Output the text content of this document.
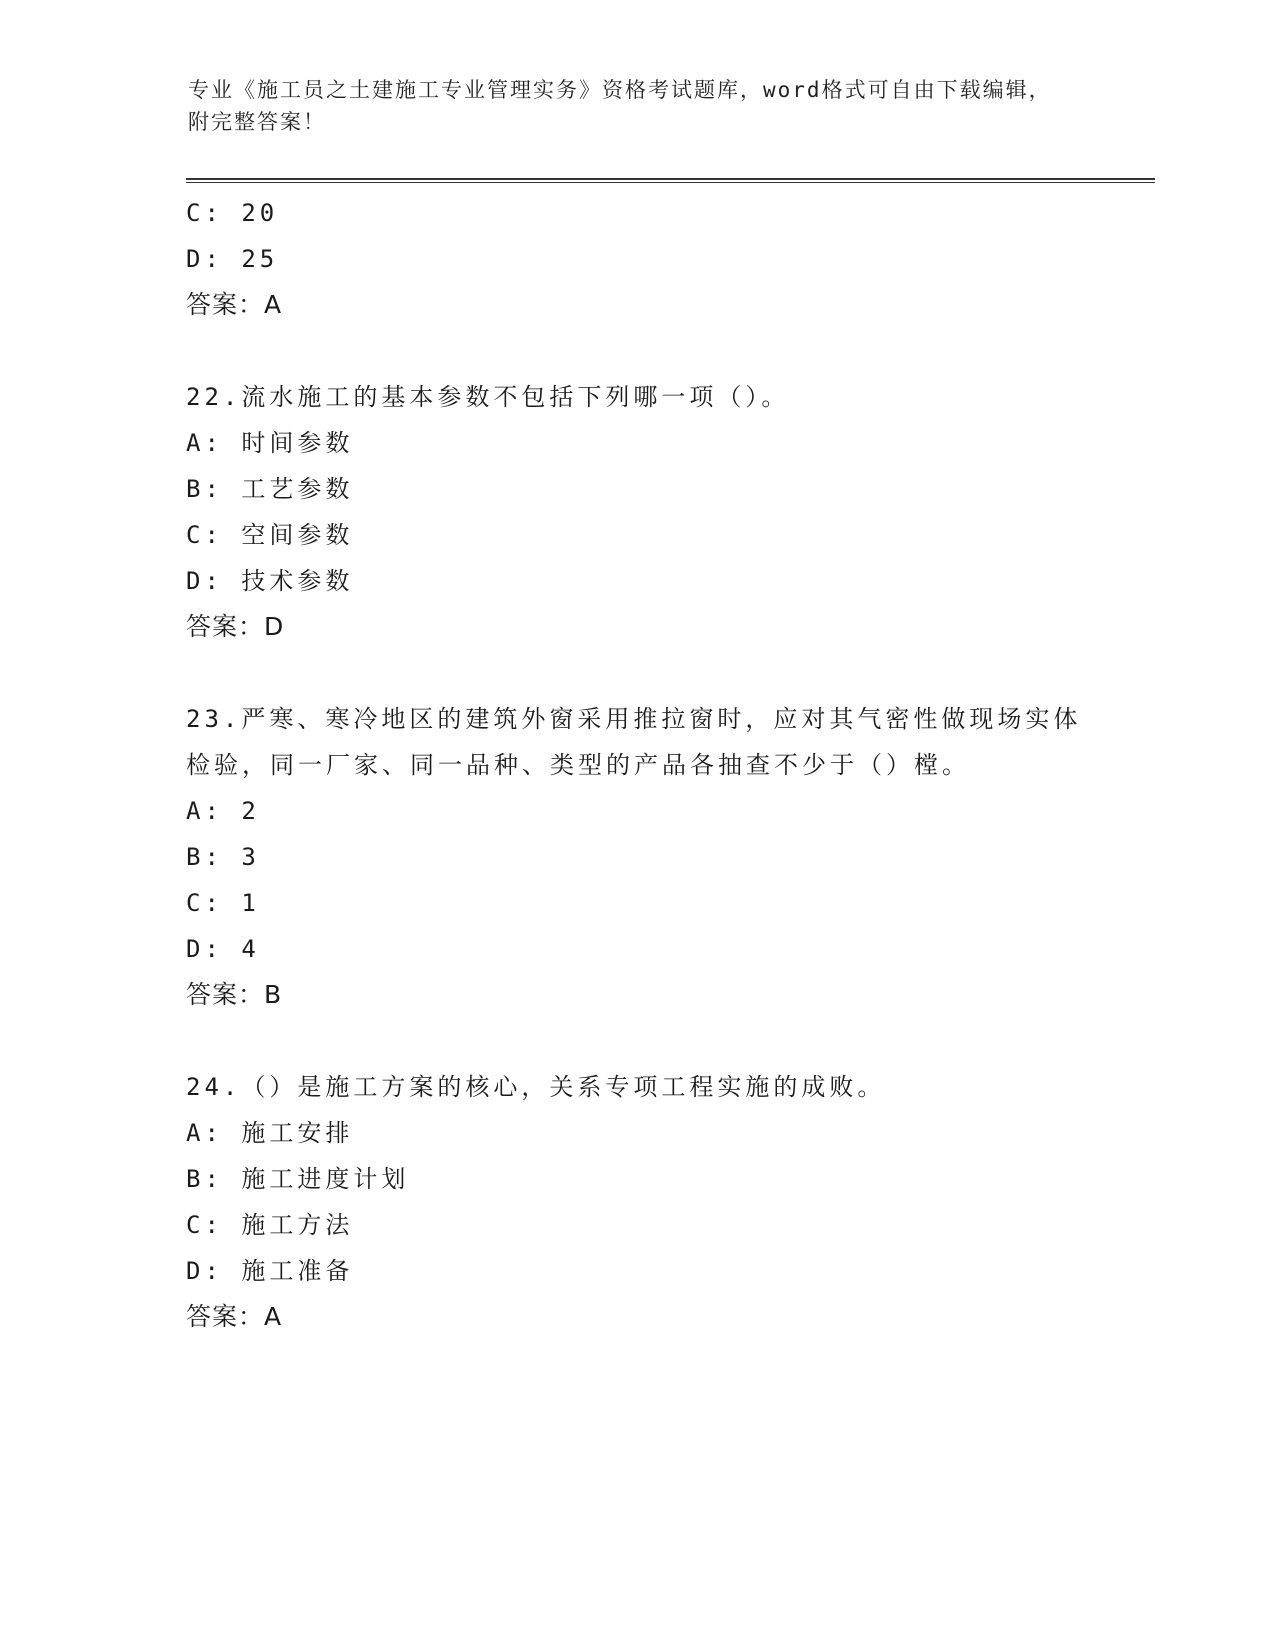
专业《施工员之土建施工专业管理实务》资格考试题库，word格式可自由下载编辑，附完整答案！
C: 20
D: 25
答案：A
22.流水施工的基本参数不包括下列哪一项（）。
A: 时间参数
B: 工艺参数
C: 空间参数
D: 技术参数
答案：D
23.严寒、寒冷地区的建筑外窗采用推拉窗时，应对其气密性做现场实体检验，同一厂家、同一品种、类型的产品各抽查不少于（）樘。
A: 2
B: 3
C: 1
D: 4
答案：B
24.（）是施工方案的核心，关系专项工程实施的成败。
A: 施工安排
B: 施工进度计划
C: 施工方法
D: 施工准备
答案：A
